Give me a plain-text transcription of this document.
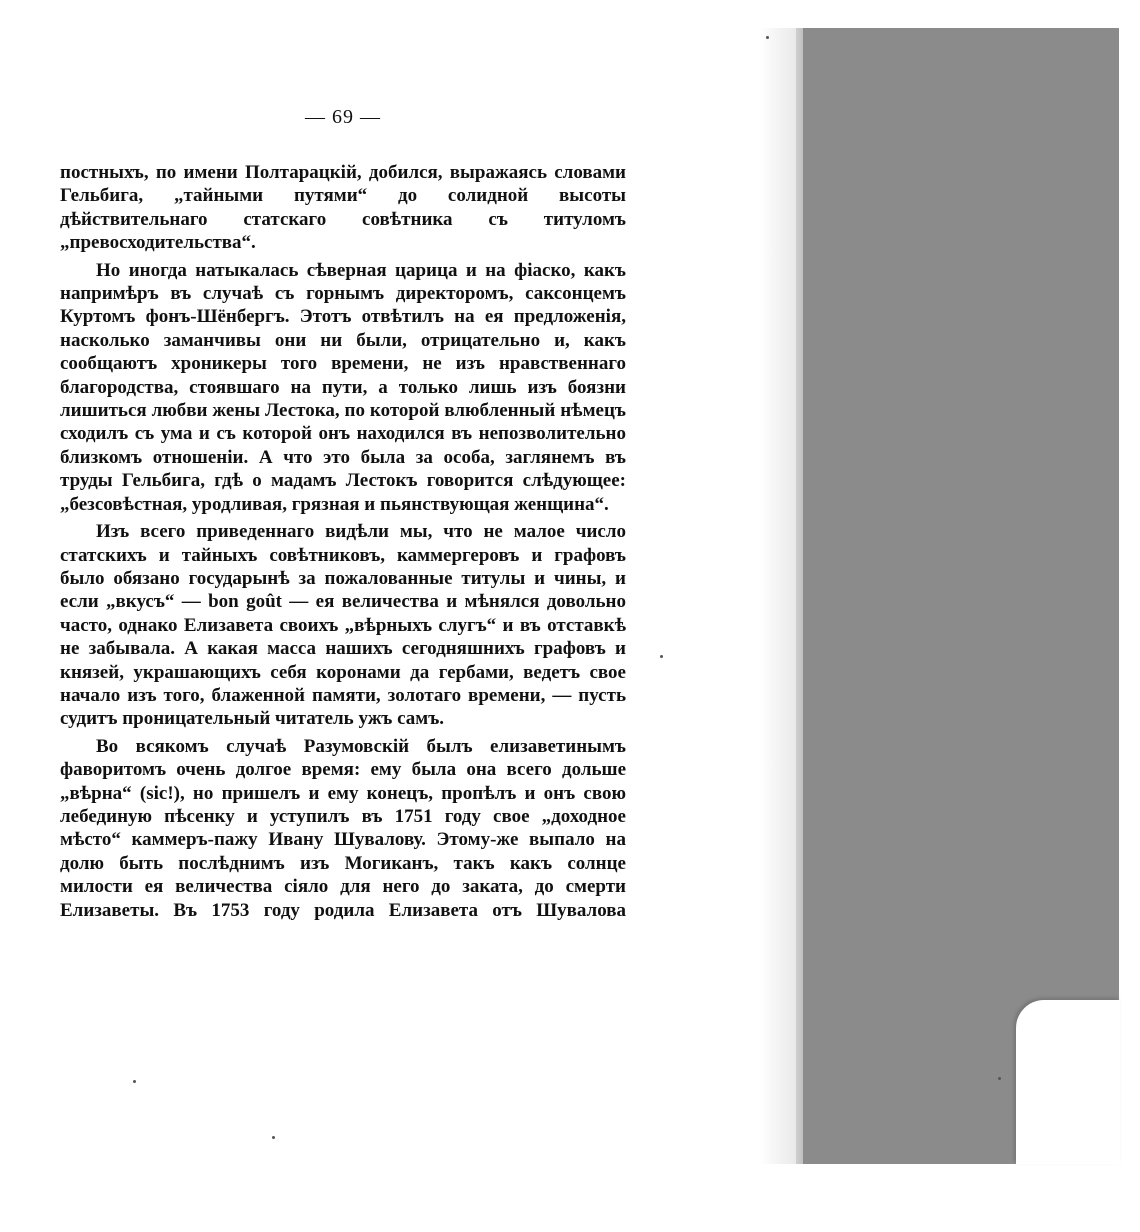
— 69 —

постныхъ, по имени Полтарацкій, добился, выражаясь словами Гельбига, „тайными путями“ до солидной высоты дѣйствительнаго статскаго совѣтника съ титуломъ „превосходительства“.

Но иногда натыкалась сѣверная царица и на фіаско, какъ напримѣръ въ случаѣ съ горнымъ директоромъ, саксонцемъ Куртомъ фонъ-Шёнбергъ. Этотъ отвѣтилъ на ея предложенія, насколько заманчивы они ни были, отрицательно и, какъ сообщаютъ хроникеры того времени, не изъ нравственнаго благородства, стоявшаго на пути, а только лишь изъ боязни лишиться любви жены Лестока, по которой влюбленный нѣмецъ сходилъ съ ума и съ которой онъ находился въ непозволительно близкомъ отношеніи. А что это была за особа, заглянемъ въ труды Гельбига, гдѣ о мадамъ Лестокъ говорится слѣдующее: „безсовѣстная, уродливая, грязная и пьянствующая женщина“.

Изъ всего приведеннаго видѣли мы, что не малое число статскихъ и тайныхъ совѣтниковъ, каммергеровъ и графовъ было обязано государынѣ за пожалованные титулы и чины, и если „вкусъ“ — bon goût — ея величества и мѣнялся довольно часто, однако Елизавета своихъ „вѣрныхъ слугъ“ и въ отставкѣ не забывала. А какая масса нашихъ сегодняшнихъ графовъ и князей, украшающихъ себя коронами да гербами, ведетъ свое начало изъ того, блаженной памяти, золотаго времени, — пусть судитъ проницательный читатель ужъ самъ.

Во всякомъ случаѣ Разумовскій былъ елизаветинымъ фаворитомъ очень долгое время: ему была она всего дольше „вѣрна“ (sic!), но пришелъ и ему конецъ, пропѣлъ и онъ свою лебединую пѣсенку и уступилъ въ 1751 году свое „доходное мѣсто“ каммеръ-пажу Ивану Шувалову. Этому-же выпало на долю быть послѣднимъ изъ Могиканъ, такъ какъ солнце милости ея величества сіяло для него до заката, до смерти Елизаветы. Въ 1753 году родила Елизавета отъ Шувалова
